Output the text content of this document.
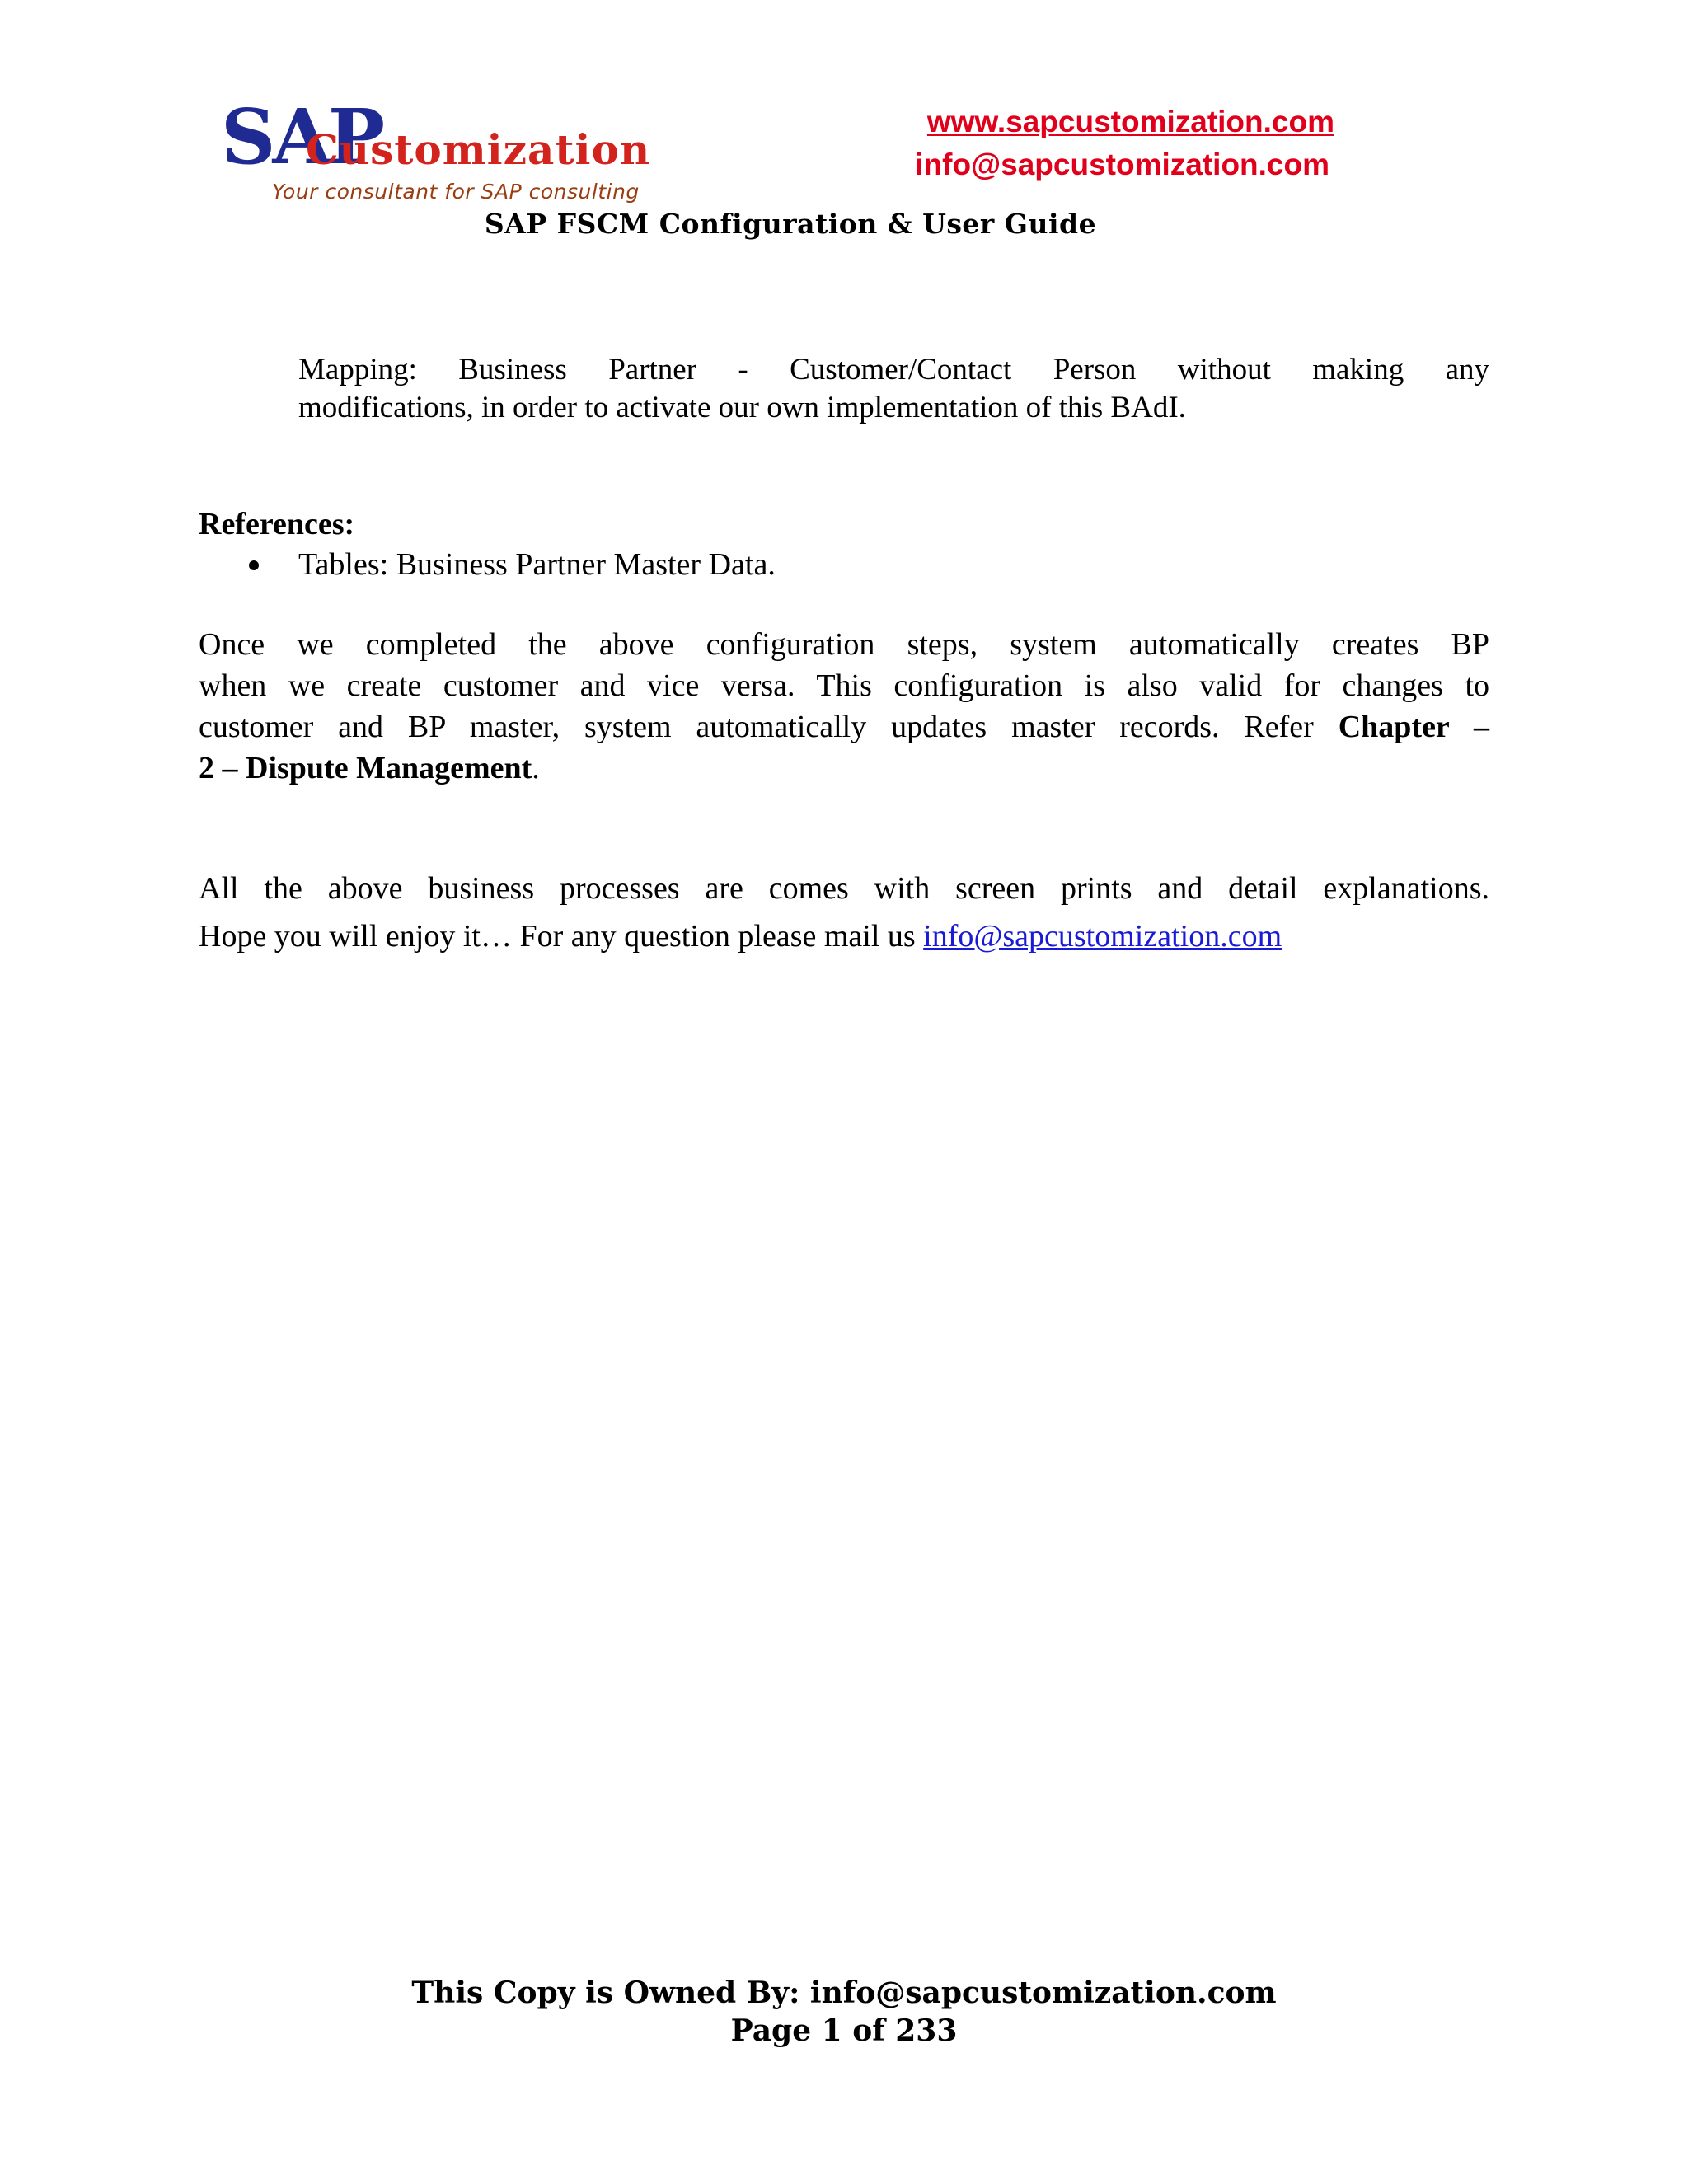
SAP
Customization
Your consultant for SAP consulting
www.sapcustomization.com
info@sapcustomization.com
SAP FSCM Configuration & User Guide
Mapping: Business Partner - Customer/Contact Person without making any
modifications, in order to activate our own implementation of this BAdI.
References:
Tables: Business Partner Master Data.
Once we completed the above configuration steps, system automatically creates BP
when we create customer and vice versa. This configuration is also valid for changes to
customer and BP master, system automatically updates master records. Refer Chapter –
2 – Dispute Management.
All the above business processes are comes with screen prints and detail explanations.
Hope you will enjoy it… For any question please mail us info@sapcustomization.com
This Copy is Owned By: info@sapcustomization.com
Page 1 of 233
